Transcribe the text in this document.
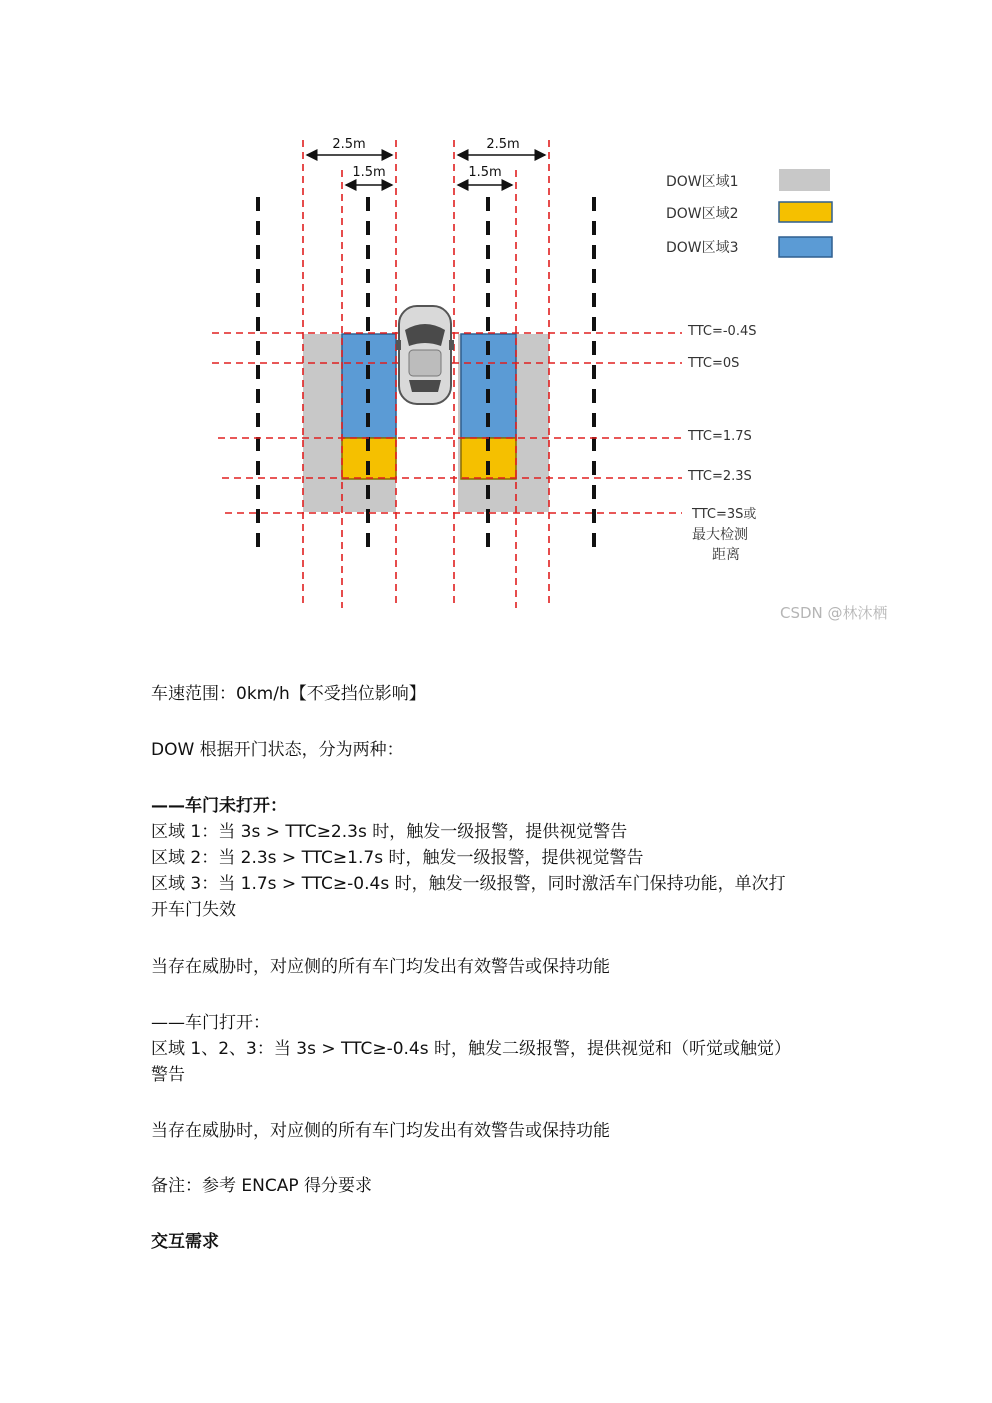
2.5m
1.5m
2.5m
1.5m
DOW区域1
DOW区域2
DOW区域3
TTC=-0.4S
TTC=0S
TTC=1.7S
TTC=2.3S
TTC=3S或
最大检测
距离
CSDN @林沐栖

车速范围：0km/h【不受挡位影响】

DOW 根据开门状态，分为两种：

——车门未打开：
区域 1：当 3s > TTC≥2.3s 时，触发一级报警，提供视觉警告
区域 2：当 2.3s > TTC≥1.7s 时，触发一级报警，提供视觉警告
区域 3：当 1.7s > TTC≥-0.4s 时，触发一级报警，同时激活车门保持功能，单次打
开车门失效

当存在威胁时，对应侧的所有车门均发出有效警告或保持功能

——车门打开：
区域 1、2、3：当 3s > TTC≥-0.4s 时，触发二级报警，提供视觉和（听觉或触觉）
警告

当存在威胁时，对应侧的所有车门均发出有效警告或保持功能

备注：参考 ENCAP 得分要求

交互需求
